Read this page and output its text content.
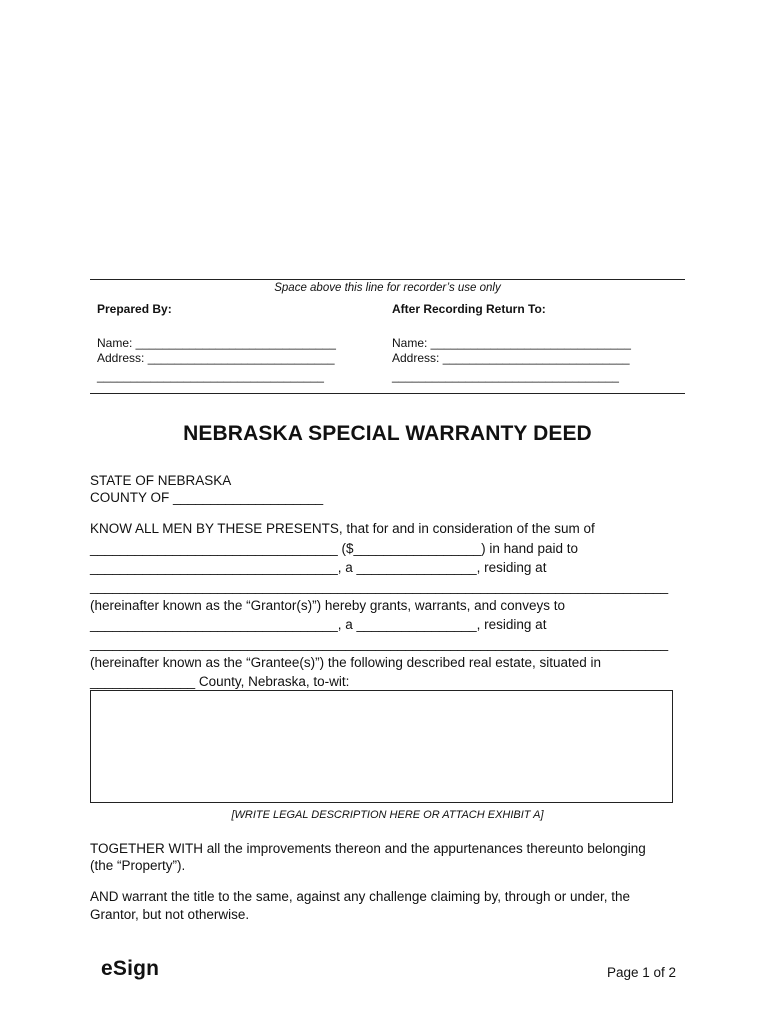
Space above this line for recorder’s use only
Prepared By:	After Recording Return To:
Name: ______________________________
Address: ____________________________
__________________________________
Name: ______________________________
Address: ____________________________
__________________________________
NEBRASKA SPECIAL WARRANTY DEED
STATE OF NEBRASKA
COUNTY OF ____________________
KNOW ALL MEN BY THESE PRESENTS, that for and in consideration of the sum of
_________________________________ ($_________________) in hand paid to
_________________________________, a ________________, residing at
_____________________________________________________________________________
(hereinafter known as the “Grantor(s)”) hereby grants, warrants, and conveys to
_________________________________, a ________________, residing at
_____________________________________________________________________________
(hereinafter known as the “Grantee(s)”) the following described real estate, situated in
______________ County, Nebraska, to-wit:
[WRITE LEGAL DESCRIPTION HERE OR ATTACH EXHIBIT A]
TOGETHER WITH all the improvements thereon and the appurtenances thereunto belonging
(the “Property”).
AND warrant the title to the same, against any challenge claiming by, through or under, the
Grantor, but not otherwise.
eSign	Page 1 of 2
